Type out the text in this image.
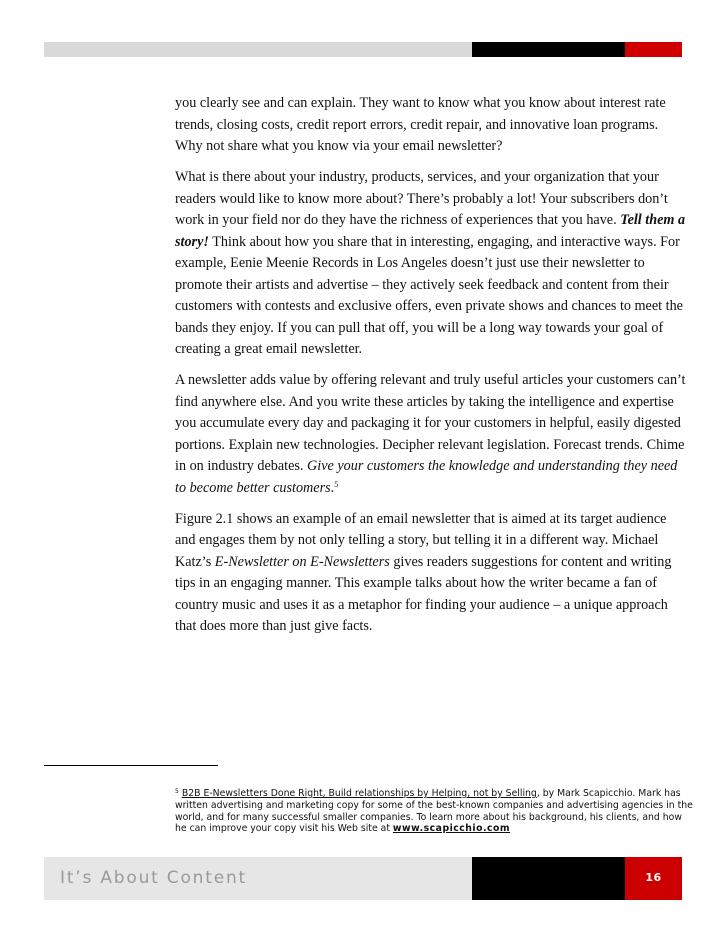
you clearly see and can explain. They want to know what you know about interest rate trends, closing costs, credit report errors, credit repair, and innovative loan programs. Why not share what you know via your email newsletter?

What is there about your industry, products, services, and your organization that your readers would like to know more about? There’s probably a lot! Your subscribers don’t work in your field nor do they have the richness of experiences that you have. Tell them a story! Think about how you share that in interesting, engaging, and interactive ways. For example, Eenie Meenie Records in Los Angeles doesn’t just use their newsletter to promote their artists and advertise – they actively seek feedback and content from their customers with contests and exclusive offers, even private shows and chances to meet the bands they enjoy. If you can pull that off, you will be a long way towards your goal of creating a great email newsletter.

A newsletter adds value by offering relevant and truly useful articles your customers can’t find anywhere else. And you write these articles by taking the intelligence and expertise you accumulate every day and packaging it for your customers in helpful, easily digested portions. Explain new technologies. Decipher relevant legislation. Forecast trends. Chime in on industry debates. Give your customers the knowledge and understanding they need to become better customers.$^5$

Figure 2.1 shows an example of an email newsletter that is aimed at its target audience and engages them by not only telling a story, but telling it in a different way. Michael Katz’s E-Newsletter on E-Newsletters gives readers suggestions for content and writing tips in an engaging manner. This example talks about how the writer became a fan of country music and uses it as a metaphor for finding your audience – a unique approach that does more than just give facts.

$^5$ B2B E-Newsletters Done Right, Build relationships by Helping, not by Selling, by Mark Scapicchio. Mark has written advertising and marketing copy for some of the best-known companies and advertising agencies in the world, and for many successful smaller companies. To learn more about his background, his clients, and how he can improve your copy visit his Web site at www.scapicchio.com
It’s About Content	16
